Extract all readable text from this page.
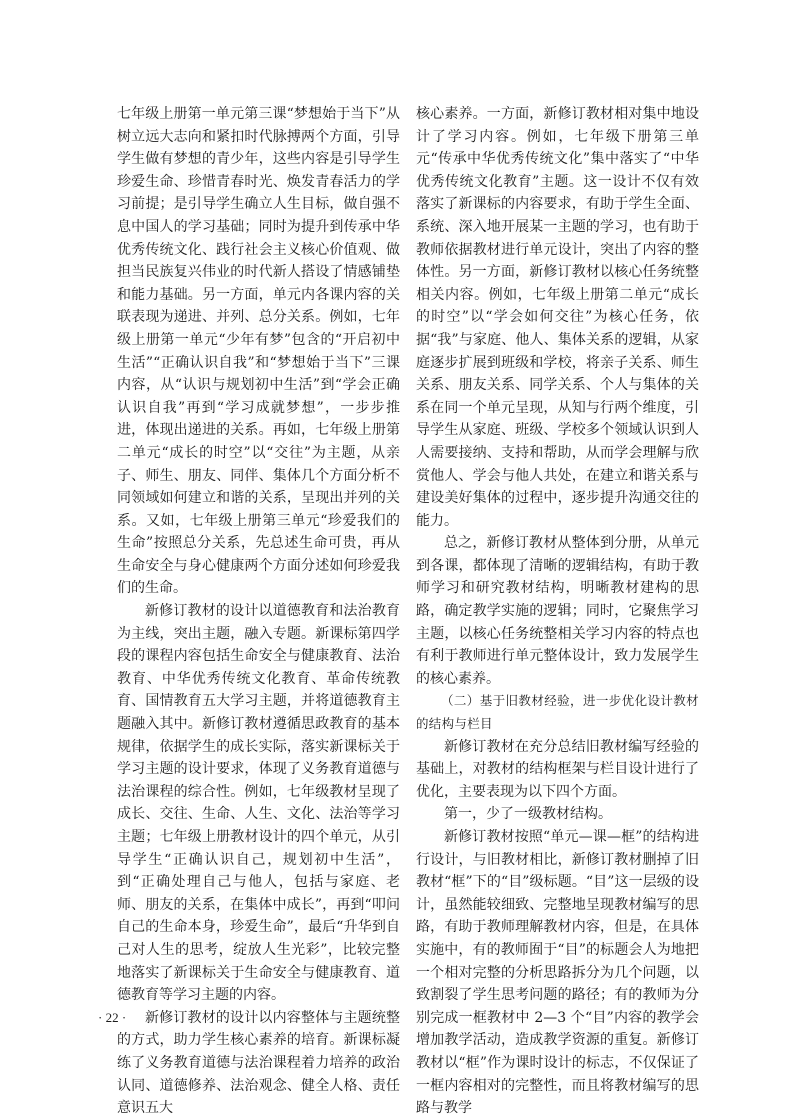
七年级上册第一单元第三课“梦想始于当下”从树立远大志向和紧扣时代脉搏两个方面，引导学生做有梦想的青少年，这些内容是引导学生珍爱生命、珍惜青春时光、焕发青春活力的学习前提；是引导学生确立人生目标，做自强不息中国人的学习基础；同时为提升到传承中华优秀传统文化、践行社会主义核心价值观、做担当民族复兴伟业的时代新人搭设了情感铺垫和能力基础。另一方面，单元内各课内容的关联表现为递进、并列、总分关系。例如，七年级上册第一单元“少年有梦”包含的“开启初中生活”“正确认识自我”和“梦想始于当下”三课内容，从“认识与规划初中生活”到“学会正确认识自我”再到“学习成就梦想”，一步步推进，体现出递进的关系。再如，七年级上册第二单元“成长的时空”以“交往”为主题，从亲子、师生、朋友、同伴、集体几个方面分析不同领域如何建立和谐的关系，呈现出并列的关系。又如，七年级上册第三单元“珍爱我们的生命”按照总分关系，先总述生命可贵，再从生命安全与身心健康两个方面分述如何珍爱我们的生命。

新修订教材的设计以道德教育和法治教育为主线，突出主题，融入专题。新课标第四学段的课程内容包括生命安全与健康教育、法治教育、中华优秀传统文化教育、革命传统教育、国情教育五大学习主题，并将道德教育主题融入其中。新修订教材遵循思政教育的基本规律，依据学生的成长实际，落实新课标关于学习主题的设计要求，体现了义务教育道德与法治课程的综合性。例如，七年级教材呈现了成长、交往、生命、人生、文化、法治等学习主题；七年级上册教材设计的四个单元，从引导学生“正确认识自己，规划初中生活”，到“正确处理自己与他人，包括与家庭、老师、朋友的关系，在集体中成长”，再到“叩问自己的生命本身，珍爱生命”，最后“升华到自己对人生的思考，绽放人生光彩”，比较完整地落实了新课标关于生命安全与健康教育、道德教育等学习主题的内容。

新修订教材的设计以内容整体与主题统整的方式，助力学生核心素养的培育。新课标凝练了义务教育道德与法治课程着力培养的政治认同、道德修养、法治观念、健全人格、责任意识五大

核心素养。一方面，新修订教材相对集中地设计了学习内容。例如，七年级下册第三单元“传承中华优秀传统文化”集中落实了“中华优秀传统文化教育”主题。这一设计不仅有效落实了新课标的内容要求，有助于学生全面、系统、深入地开展某一主题的学习，也有助于教师依据教材进行单元设计，突出了内容的整体性。另一方面，新修订教材以核心任务统整相关内容。例如，七年级上册第二单元“成长的时空”以“学会如何交往”为核心任务，依据“我”与家庭、他人、集体关系的逻辑，从家庭逐步扩展到班级和学校，将亲子关系、师生关系、朋友关系、同学关系、个人与集体的关系在同一个单元呈现，从知与行两个维度，引导学生从家庭、班级、学校多个领域认识到人人需要接纳、支持和帮助，从而学会理解与欣赏他人、学会与他人共处，在建立和谐关系与建设美好集体的过程中，逐步提升沟通交往的能力。

总之，新修订教材从整体到分册，从单元到各课，都体现了清晰的逻辑结构，有助于教师学习和研究教材结构，明晰教材建构的思路，确定教学实施的逻辑；同时，它聚焦学习主题，以核心任务统整相关学习内容的特点也有利于教师进行单元整体设计，致力发展学生的核心素养。

（二）基于旧教材经验，进一步优化设计教材的结构与栏目

新修订教材在充分总结旧教材编写经验的基础上，对教材的结构框架与栏目设计进行了优化，主要表现为以下四个方面。

第一，少了一级教材结构。

新修订教材按照“单元—课—框”的结构进行设计，与旧教材相比，新修订教材删掉了旧教材“框”下的“目”级标题。“目”这一层级的设计，虽然能较细致、完整地呈现教材编写的思路，有助于教师理解教材内容，但是，在具体实施中，有的教师囿于“目”的标题会人为地把一个相对完整的分析思路拆分为几个问题，以致割裂了学生思考问题的路径；有的教师为分别完成一框教材中 2—3 个“目”内容的教学会增加教学活动，造成教学资源的重复。新修订教材以“框”作为课时设计的标志，不仅保证了一框内容相对的完整性，而且将教材编写的思路与教学

· 22 ·
